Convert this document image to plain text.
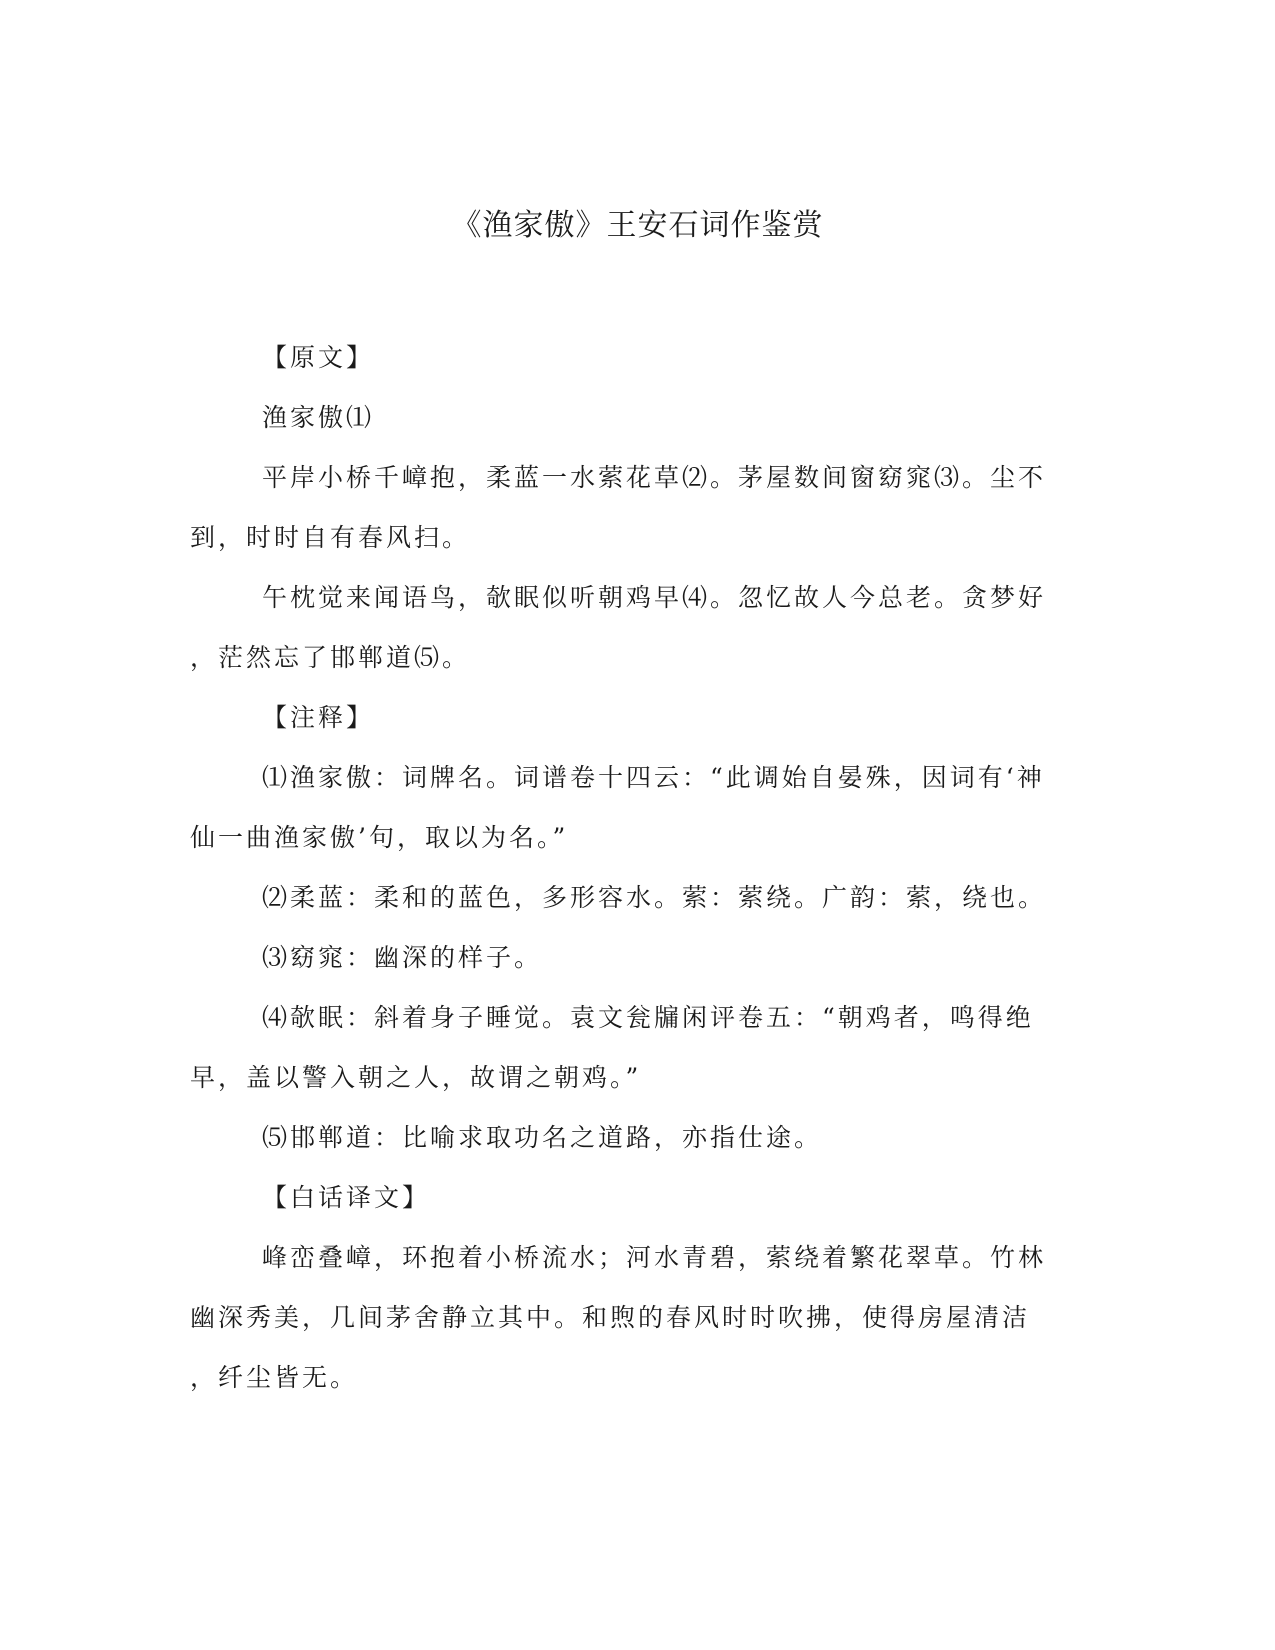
《渔家傲》王安石词作鉴赏

【原文】

渔家傲⑴

平岸小桥千嶂抱，柔蓝一水萦花草⑵。茅屋数间窗窈窕⑶。尘不

到，时时自有春风扫。

午枕觉来闻语鸟，欹眠似听朝鸡早⑷。忽忆故人今总老。贪梦好

，茫然忘了邯郸道⑸。

【注释】

⑴渔家傲：词牌名。词谱卷十四云：“此调始自晏殊，因词有‘神

仙一曲渔家傲’句，取以为名。”

⑵柔蓝：柔和的蓝色，多形容水。萦：萦绕。广韵：萦，绕也。

⑶窈窕：幽深的样子。

⑷欹眠：斜着身子睡觉。袁文瓮牖闲评卷五：“朝鸡者，鸣得绝

早，盖以警入朝之人，故谓之朝鸡。”

⑸邯郸道：比喻求取功名之道路，亦指仕途。

【白话译文】

峰峦叠嶂，环抱着小桥流水；河水青碧，萦绕着繁花翠草。竹林

幽深秀美，几间茅舍静立其中。和煦的春风时时吹拂，使得房屋清洁

，纤尘皆无。
